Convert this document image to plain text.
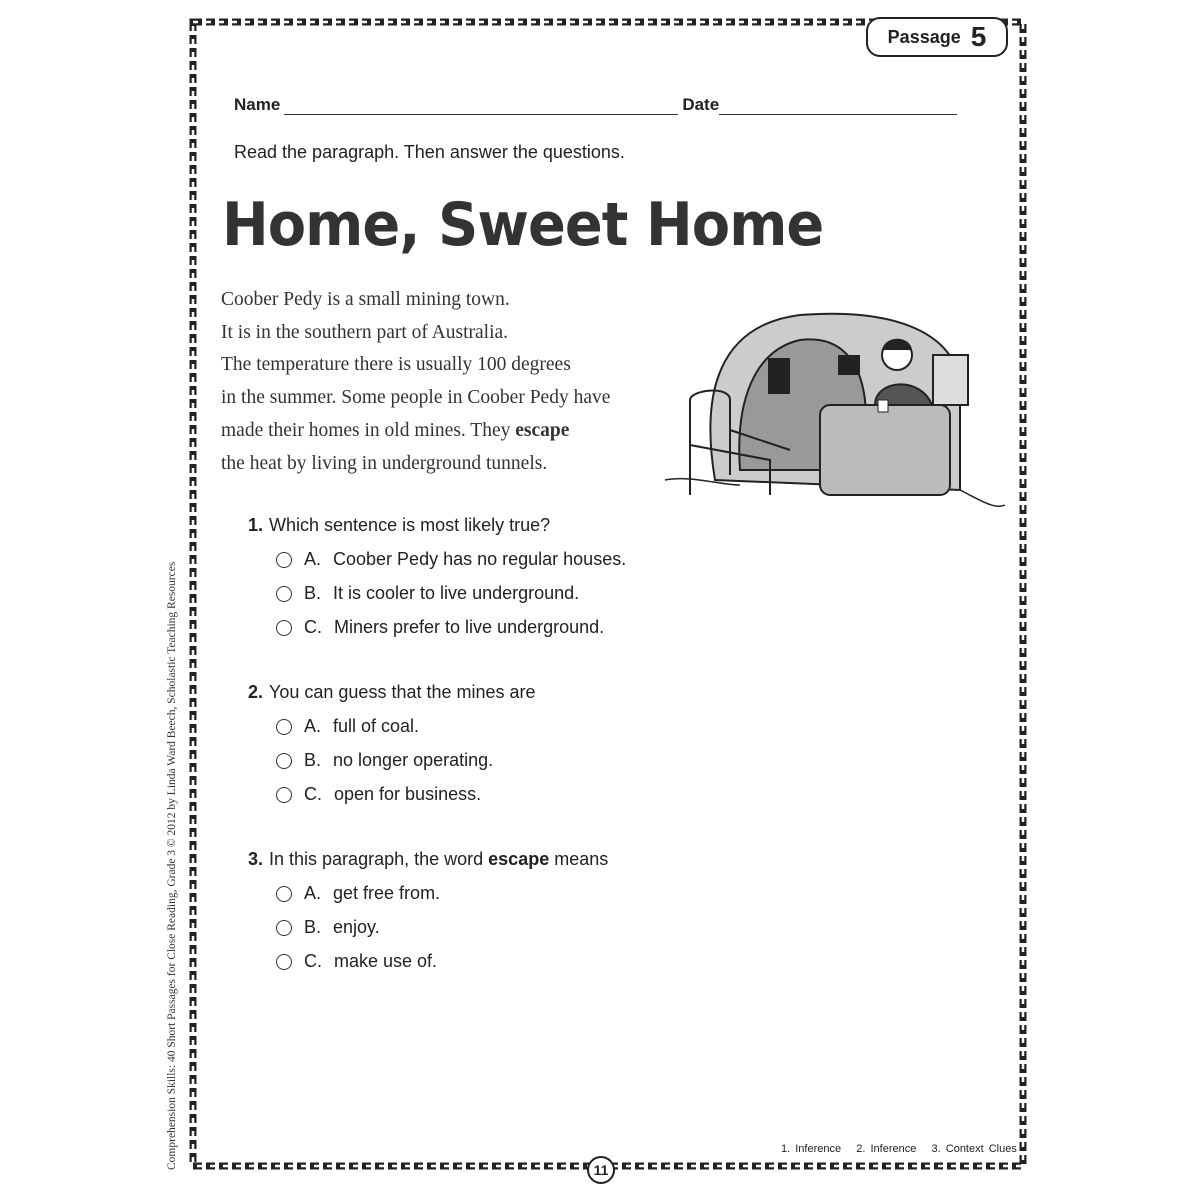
Passage 5
Name	Date
Read the paragraph. Then answer the questions.
Home, Sweet Home
Coober Pedy is a small mining town.
It is in the southern part of Australia.
The temperature there is usually 100 degrees
in the summer. Some people in Coober Pedy have
made their homes in old mines. They escape
the heat by living in underground tunnels.
1. Which sentence is most likely true?
A. Coober Pedy has no regular houses.
B. It is cooler to live underground.
C. Miners prefer to live underground.
2. You can guess that the mines are
A. full of coal.
B. no longer operating.
C. open for business.
3. In this paragraph, the word escape means
A. get free from.
B. enjoy.
C. make use of.
Comprehension Skills: 40 Short Passages for Close Reading, Grade 3 © 2012 by Linda Ward Beech, Scholastic Teaching Resources	1. Inference   2. Inference   3. Context Clues
11
